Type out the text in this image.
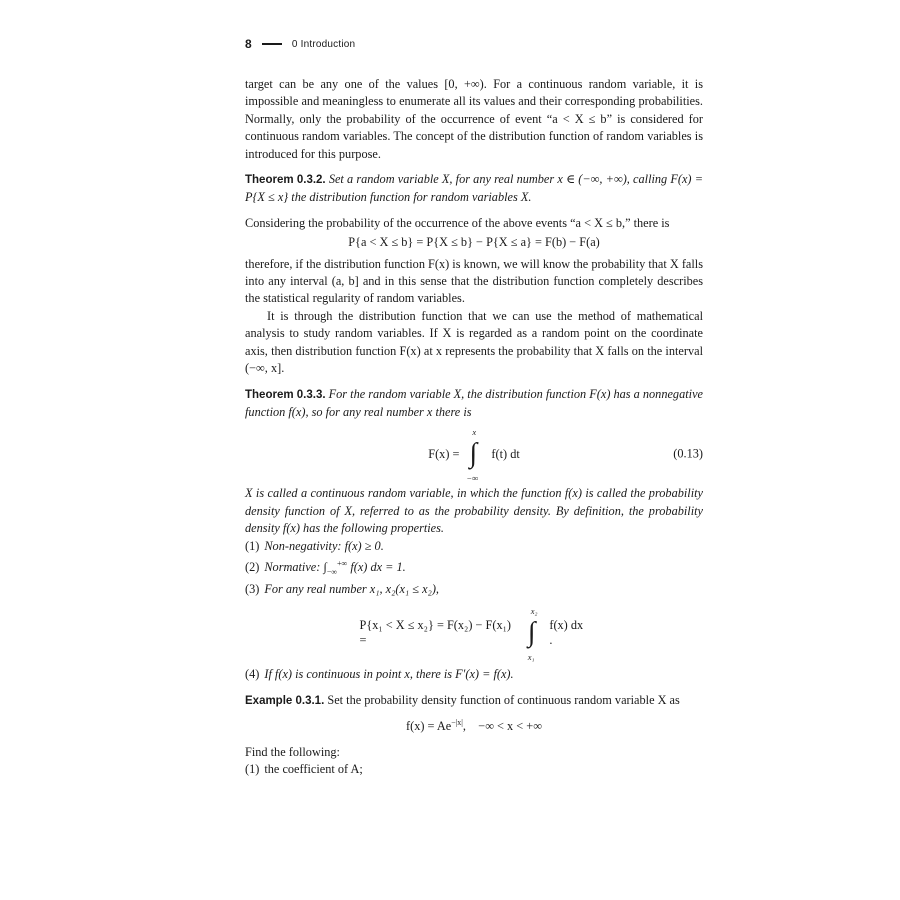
8	0 Introduction

target can be any one of the values [0, +∞). For a continuous random variable, it is impossible and meaningless to enumerate all its values and their corresponding probabilities. Normally, only the probability of the occurrence of event “a < X ≤ b” is considered for continuous random variables. The concept of the distribution function of random variables is introduced for this purpose.

Theorem 0.3.2. Set a random variable X, for any real number x ∈ (−∞, +∞), calling F(x) = P{X ≤ x} the distribution function for random variables X.

Considering the probability of the occurrence of the above events “a < X ≤ b,” there is

P{a < X ≤ b} = P{X ≤ b} − P{X ≤ a} = F(b) − F(a)

therefore, if the distribution function F(x) is known, we will know the probability that X falls into any interval (a, b] and in this sense that the distribution function completely describes the statistical regularity of random variables.

It is through the distribution function that we can use the method of mathematical analysis to study random variables. If X is regarded as a random point on the coordinate axis, then distribution function F(x) at x represents the probability that X falls on the interval (−∞, x].

Theorem 0.3.3. For the random variable X, the distribution function F(x) has a nonnegative function f(x), so for any real number x there is

F(x) =
x
∫
−∞
f(t) dt	(0.13)

X is called a continuous random variable, in which the function f(x) is called the probability density function of X, referred to as the probability density. By definition, the probability density f(x) has the following properties.

(1) Non-negativity: f(x) ≥ 0.
(2) Normative: $\int_{-\infty}^{+\infty}$ f(x) dx = 1.
(3) For any real number x₁, x₂(x₁ ≤ x₂),
P{x₁ < X ≤ x₂} = F(x₂) − F(x₁) =
x₂
∫
x₁
f(x) dx .
(4) If f(x) is continuous in point x, there is F′(x) = f(x).

Example 0.3.1. Set the probability density function of continuous random variable X as

$f(x) = Ae^{-|x|}$,    −∞ < x < +∞

Find the following:

(1) the coefficient of A;
